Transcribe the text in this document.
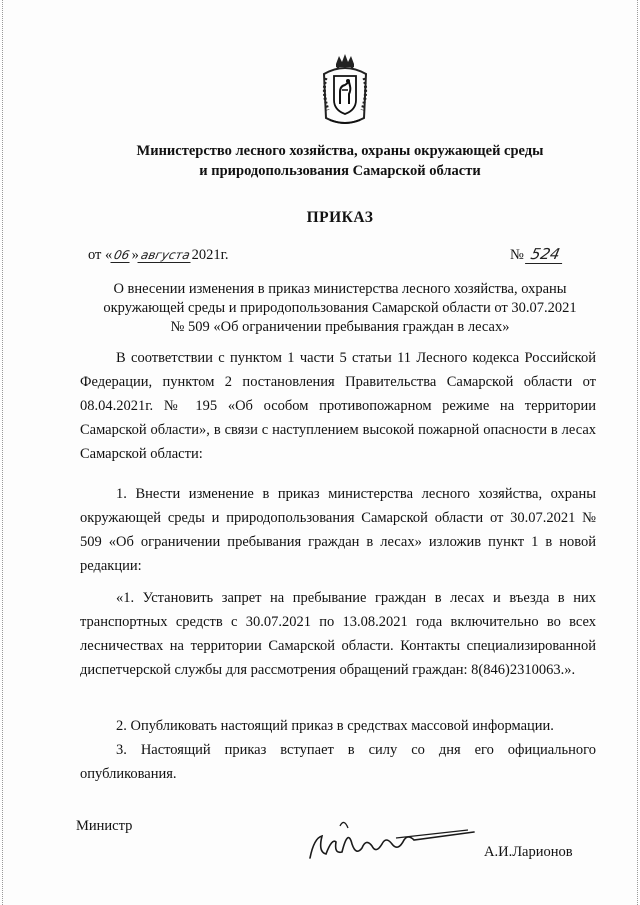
Министерство лесного хозяйства, охраны окружающей среды
и природопользования Самарской области
ПРИКАЗ
от «06»августа2021г.	№ 524
О внесении изменения в приказ министерства лесного хозяйства, охраны
окружающей среды и природопользования Самарской области от 30.07.2021
№ 509 «Об ограничении пребывания граждан в лесах»

В соответствии с пунктом 1 части 5 статьи 11 Лесного кодекса Российской Федерации, пунктом 2 постановления Правительства Самарской области от 08.04.2021г. № 195 «Об особом противопожарном режиме на территории Самарской области», в связи с наступлением высокой пожарной опасности в лесах Самарской области:

1. Внести изменение в приказ министерства лесного хозяйства, охраны окружающей среды и природопользования Самарской области от 30.07.2021 № 509 «Об ограничении пребывания граждан в лесах» изложив пункт 1 в новой редакции:

«1. Установить запрет на пребывание граждан в лесах и въезда в них транспортных средств с 30.07.2021 по 13.08.2021 года включительно во всех лесничествах на территории Самарской области. Контакты специализированной диспетчерской службы для рассмотрения обращений граждан: 8(846)2310063.».

2. Опубликовать настоящий приказ в средствах массовой информации.

3. Настоящий приказ вступает в силу со дня его официального опубликования.

Министр
А.И.Ларионов
